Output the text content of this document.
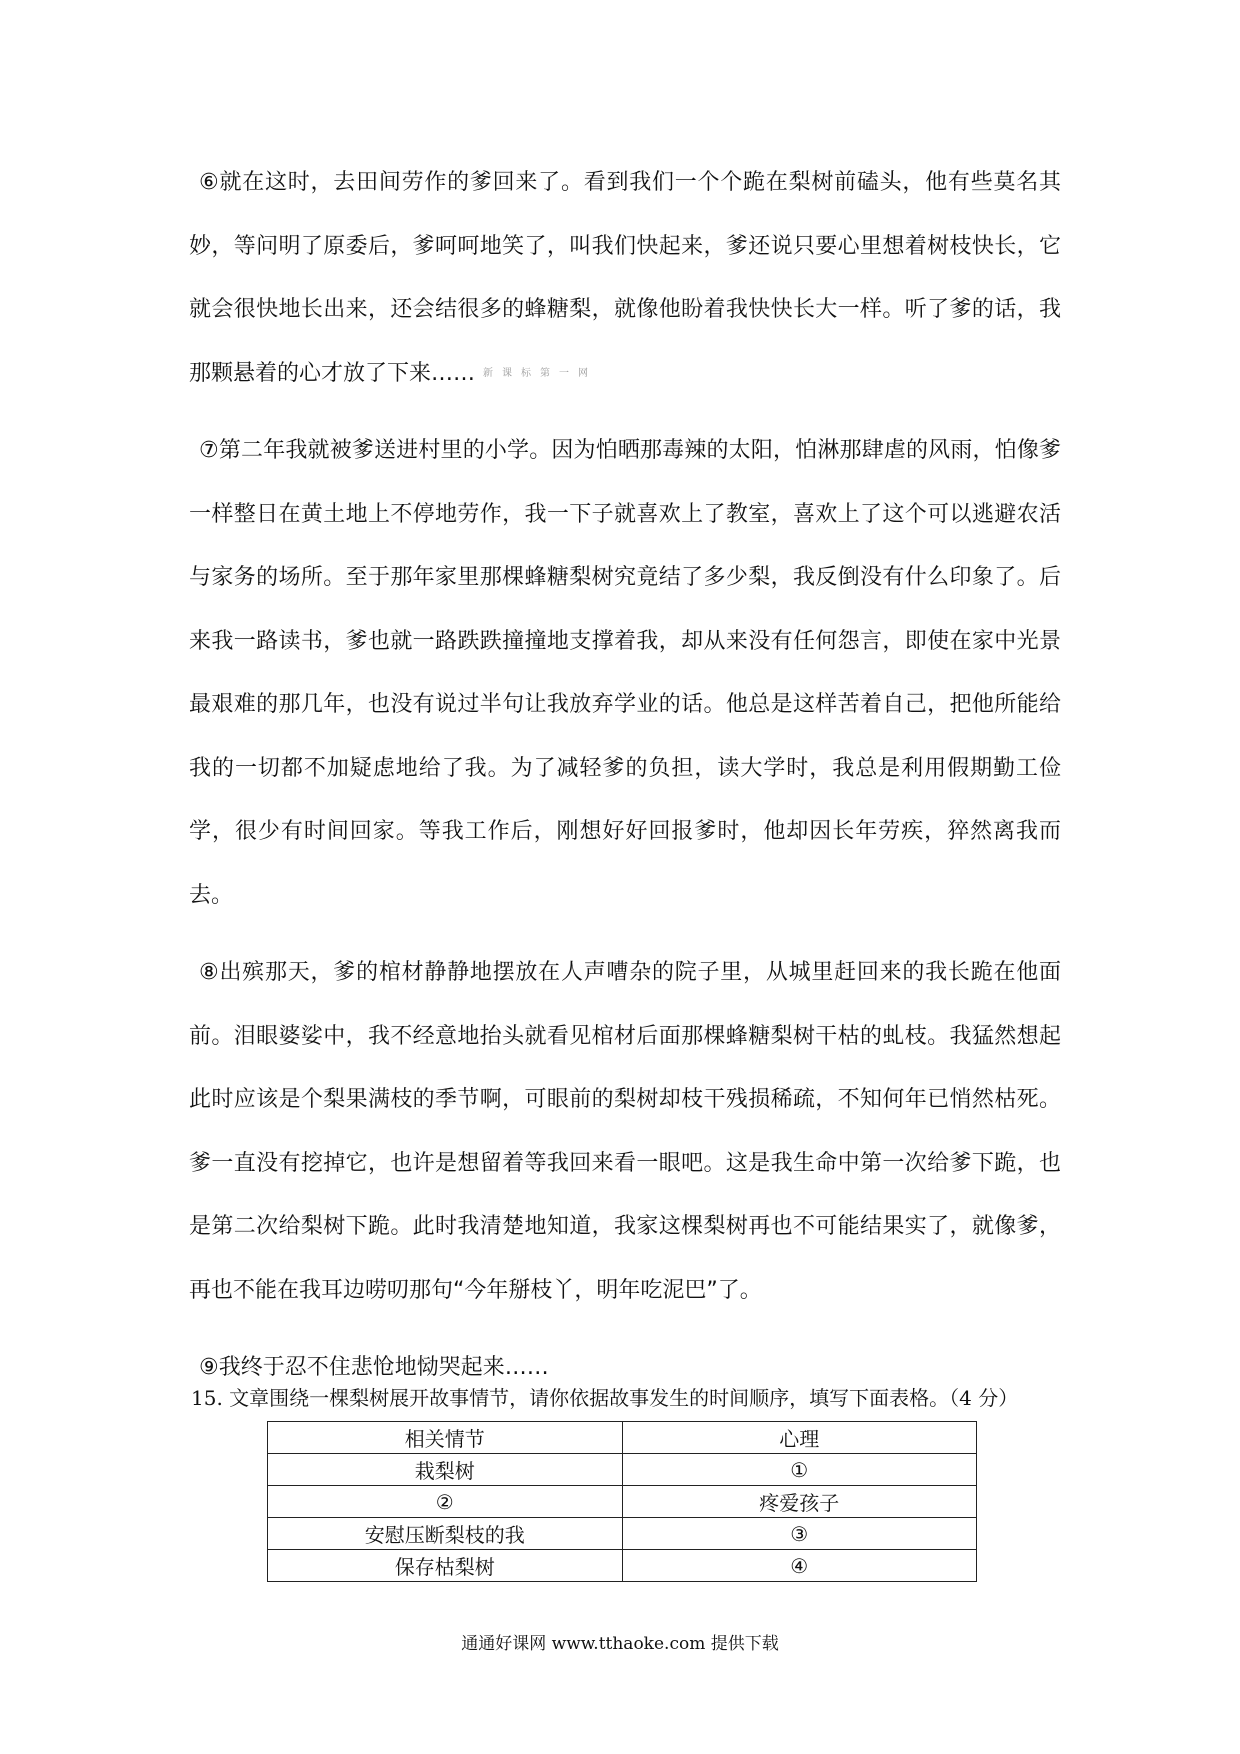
⑥就在这时，去田间劳作的爹回来了。看到我们一个个跪在梨树前磕头，他有些莫名其妙，等问明了原委后，爹呵呵地笑了，叫我们快起来，爹还说只要心里想着树枝快长，它就会很快地长出来，还会结很多的蜂糖梨，就像他盼着我快快长大一样。听了爹的话，我那颗悬着的心才放了下来…… 新课标第一网

⑦第二年我就被爹送进村里的小学。因为怕晒那毒辣的太阳，怕淋那肆虐的风雨，怕像爹一样整日在黄土地上不停地劳作，我一下子就喜欢上了教室，喜欢上了这个可以逃避农活与家务的场所。至于那年家里那棵蜂糖梨树究竟结了多少梨，我反倒没有什么印象了。后来我一路读书，爹也就一路跌跌撞撞地支撑着我，却从来没有任何怨言，即使在家中光景最艰难的那几年，也没有说过半句让我放弃学业的话。他总是这样苦着自己，把他所能给我的一切都不加疑虑地给了我。为了减轻爹的负担，读大学时，我总是利用假期勤工俭学，很少有时间回家。等我工作后，刚想好好回报爹时，他却因长年劳疾，猝然离我而去。

⑧出殡那天，爹的棺材静静地摆放在人声嘈杂的院子里，从城里赶回来的我长跪在他面前。泪眼婆娑中，我不经意地抬头就看见棺材后面那棵蜂糖梨树干枯的虬枝。我猛然想起此时应该是个梨果满枝的季节啊，可眼前的梨树却枝干残损稀疏，不知何年已悄然枯死。爹一直没有挖掉它，也许是想留着等我回来看一眼吧。这是我生命中第一次给爹下跪，也是第二次给梨树下跪。此时我清楚地知道，我家这棵梨树再也不可能结果实了，就像爹，再也不能在我耳边唠叨那句“今年掰枝丫，明年吃泥巴”了。

⑨我终于忍不住悲怆地恸哭起来……

15. 文章围绕一棵梨树展开故事情节，请你依据故事发生的时间顺序，填写下面表格。（4 分）
相关情节	心理
栽梨树	①
②	疼爱孩子
安慰压断梨枝的我	③
保存枯梨树	④
通通好课网 www.tthaoke.com 提供下载
